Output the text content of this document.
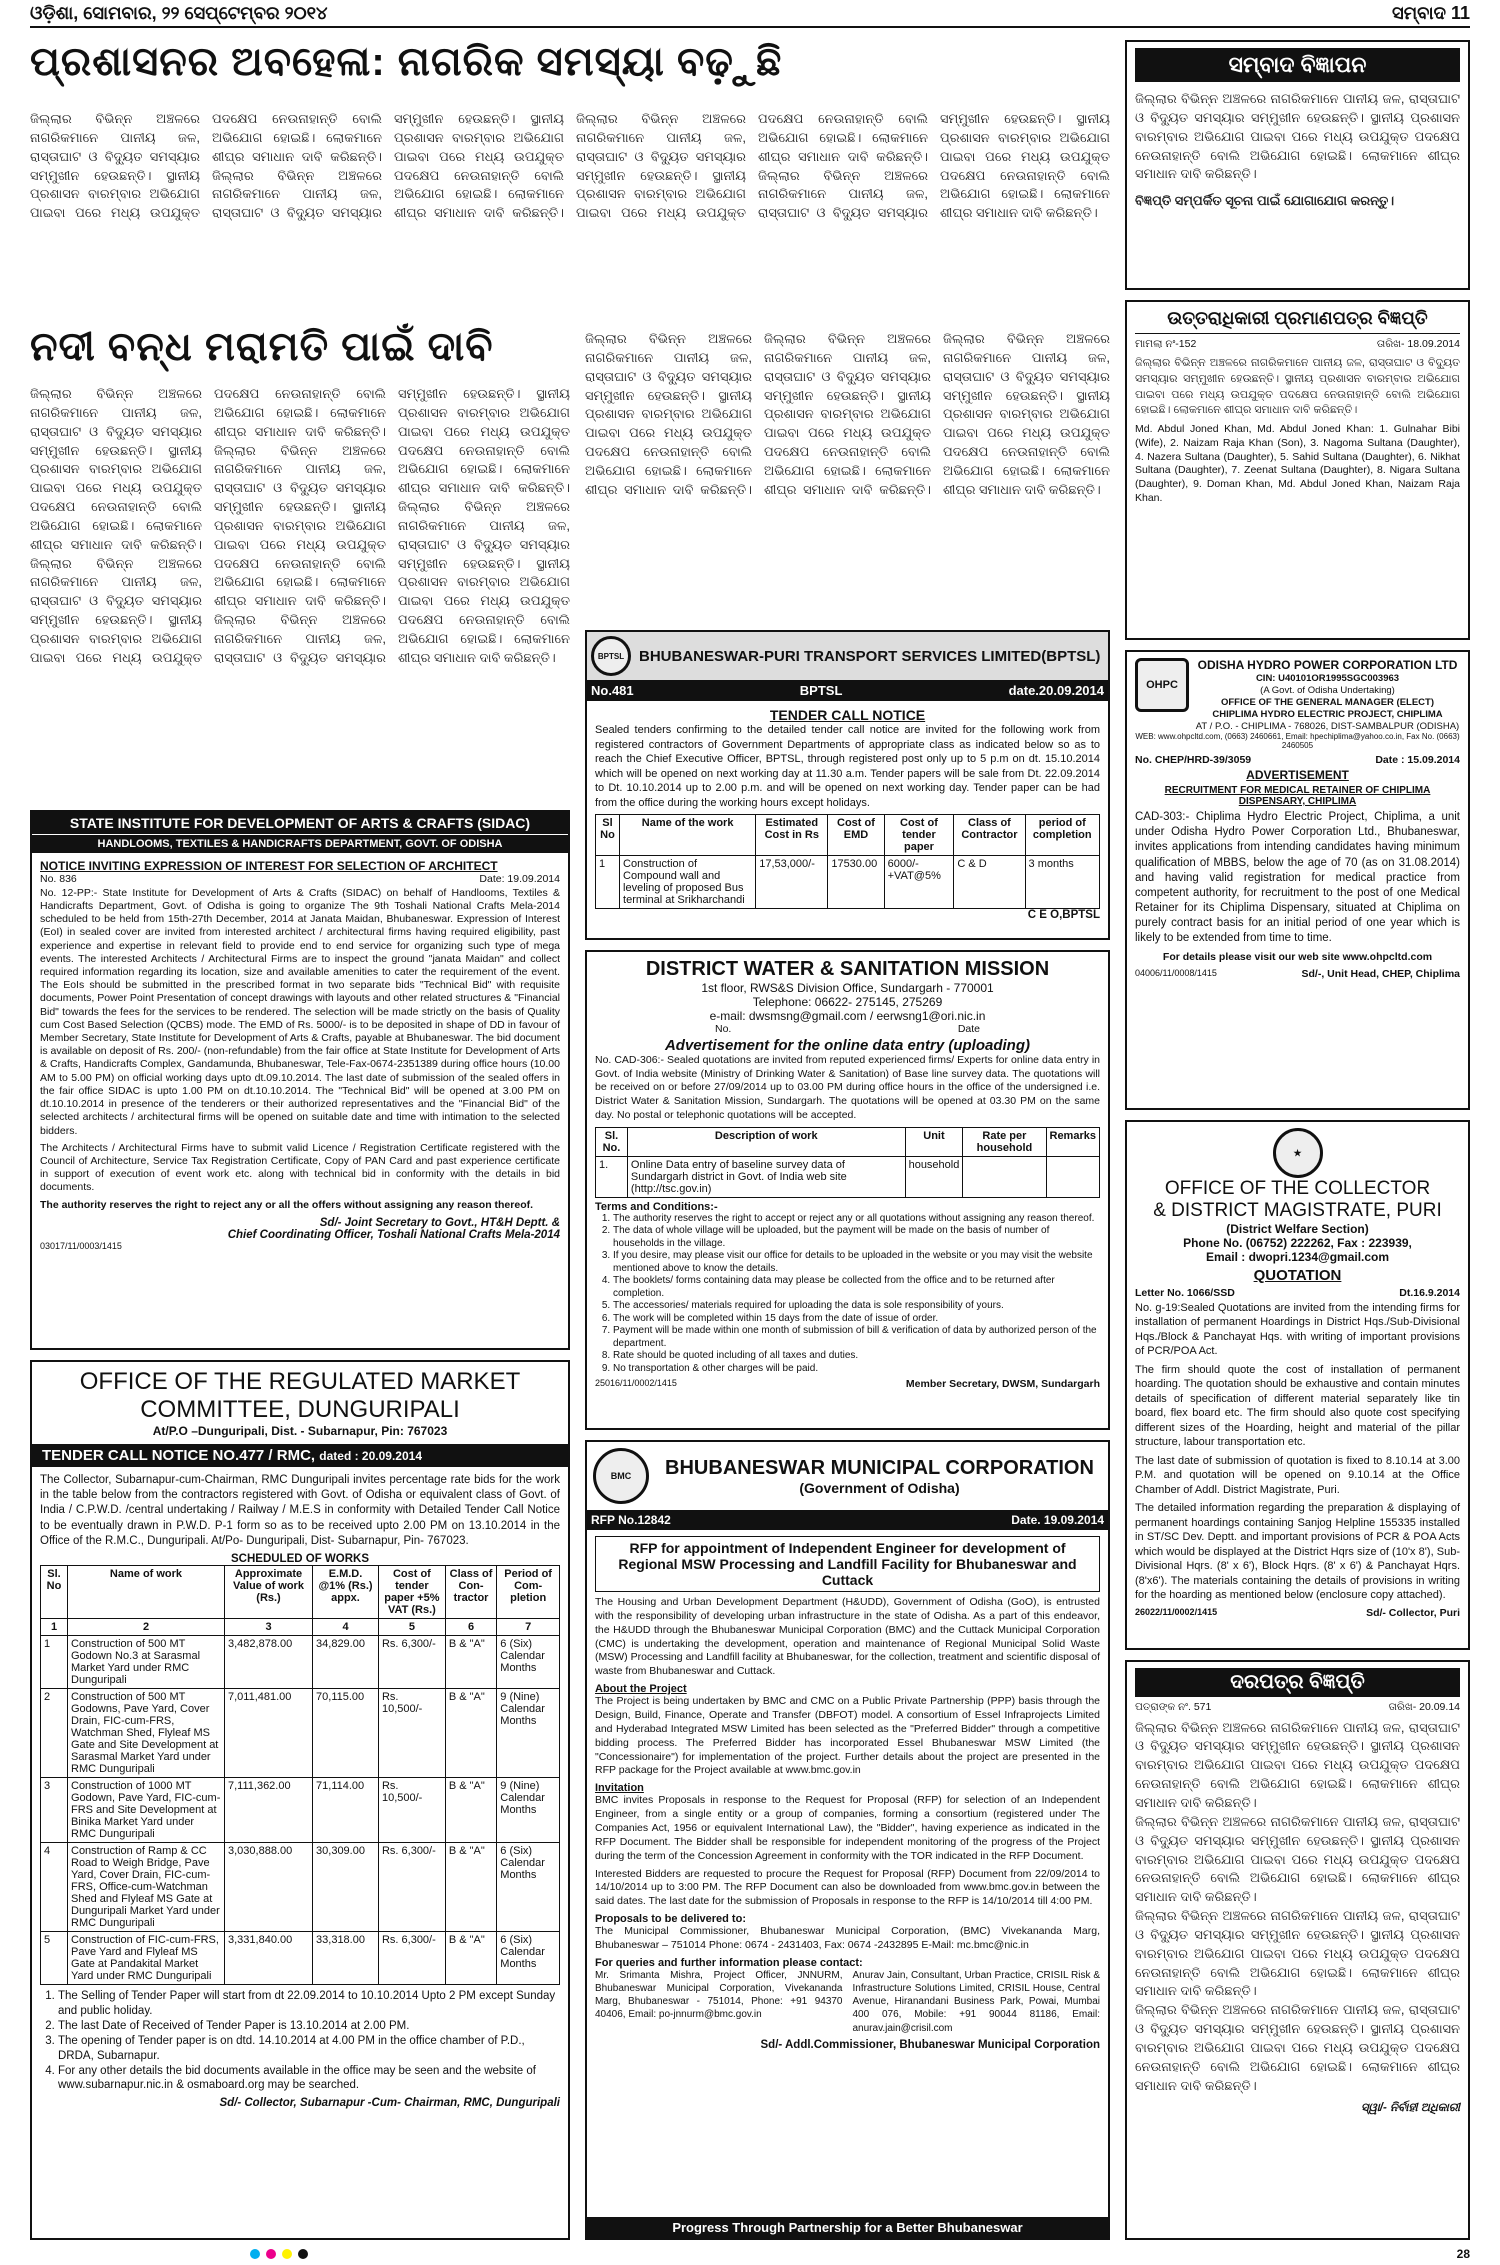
ଓଡ଼ିଶା, ସୋମବାର, ୨୨ ସେପ୍ଟେମ୍ବର ୨୦୧୪	ସମ୍ବାଦ 11
ପ୍ରଶାସନର ଅବହେଳା: ନାଗରିକ ସମସ୍ୟା ବଢ଼ୁଛି
ଜିଲ୍ଲାର ବିଭିନ୍ନ ଅଞ୍ଚଳରେ ନାଗରିକମାନେ ପାନୀୟ ଜଳ, ରାସ୍ତାଘାଟ ଓ ବିଦ୍ୟୁତ ସମସ୍ୟାର ସମ୍ମୁଖୀନ ହେଉଛନ୍ତି। ସ୍ଥାନୀୟ ପ୍ରଶାସନ ବାରମ୍ବାର ଅଭିଯୋଗ ପାଇବା ପରେ ମଧ୍ୟ ଉପଯୁକ୍ତ ପଦକ୍ଷେପ ନେଉନାହାନ୍ତି ବୋଲି ଅଭିଯୋଗ ହୋଇଛି। ଲୋକମାନେ ଶୀଘ୍ର ସମାଧାନ ଦାବି କରିଛନ୍ତି। ଜିଲ୍ଲାର ବିଭିନ୍ନ ଅଞ୍ଚଳରେ ନାଗରିକମାନେ ପାନୀୟ ଜଳ, ରାସ୍ତାଘାଟ ଓ ବିଦ୍ୟୁତ ସମସ୍ୟାର ସମ୍ମୁଖୀନ ହେଉଛନ୍ତି। ସ୍ଥାନୀୟ ପ୍ରଶାସନ ବାରମ୍ବାର ଅଭିଯୋଗ ପାଇବା ପରେ ମଧ୍ୟ ଉପଯୁକ୍ତ ପଦକ୍ଷେପ ନେଉନାହାନ୍ତି ବୋଲି ଅଭିଯୋଗ ହୋଇଛି। ଲୋକମାନେ ଶୀଘ୍ର ସମାଧାନ ଦାବି କରିଛନ୍ତି। ଜିଲ୍ଲାର ବିଭିନ୍ନ ଅଞ୍ଚଳରେ ନାଗରିକମାନେ ପାନୀୟ ଜଳ, ରାସ୍ତାଘାଟ ଓ ବିଦ୍ୟୁତ ସମସ୍ୟାର ସମ୍ମୁଖୀନ ହେଉଛନ୍ତି। ସ୍ଥାନୀୟ ପ୍ରଶାସନ ବାରମ୍ବାର ଅଭିଯୋଗ ପାଇବା ପରେ ମଧ୍ୟ ଉପଯୁକ୍ତ ପଦକ୍ଷେପ ନେଉନାହାନ୍ତି ବୋଲି ଅଭିଯୋଗ ହୋଇଛି। ଲୋକମାନେ ଶୀଘ୍ର ସମାଧାନ ଦାବି କରିଛନ୍ତି। ଜିଲ୍ଲାର ବିଭିନ୍ନ ଅଞ୍ଚଳରେ ନାଗରିକମାନେ ପାନୀୟ ଜଳ, ରାସ୍ତାଘାଟ ଓ ବିଦ୍ୟୁତ ସମସ୍ୟାର ସମ୍ମୁଖୀନ ହେଉଛନ୍ତି। ସ୍ଥାନୀୟ ପ୍ରଶାସନ ବାରମ୍ବାର ଅଭିଯୋଗ ପାଇବା ପରେ ମଧ୍ୟ ଉପଯୁକ୍ତ ପଦକ୍ଷେପ ନେଉନାହାନ୍ତି ବୋଲି ଅଭିଯୋଗ ହୋଇଛି। ଲୋକମାନେ ଶୀଘ୍ର ସମାଧାନ ଦାବି କରିଛନ୍ତି।
ନଦୀ ବନ୍ଧ ମରାମତି ପାଇଁ ଦାବି
ଜିଲ୍ଲାର ବିଭିନ୍ନ ଅଞ୍ଚଳରେ ନାଗରିକମାନେ ପାନୀୟ ଜଳ, ରାସ୍ତାଘାଟ ଓ ବିଦ୍ୟୁତ ସମସ୍ୟାର ସମ୍ମୁଖୀନ ହେଉଛନ୍ତି। ସ୍ଥାନୀୟ ପ୍ରଶାସନ ବାରମ୍ବାର ଅଭିଯୋଗ ପାଇବା ପରେ ମଧ୍ୟ ଉପଯୁକ୍ତ ପଦକ୍ଷେପ ନେଉନାହାନ୍ତି ବୋଲି ଅଭିଯୋଗ ହୋଇଛି। ଲୋକମାନେ ଶୀଘ୍ର ସମାଧାନ ଦାବି କରିଛନ୍ତି। ଜିଲ୍ଲାର ବିଭିନ୍ନ ଅଞ୍ଚଳରେ ନାଗରିକମାନେ ପାନୀୟ ଜଳ, ରାସ୍ତାଘାଟ ଓ ବିଦ୍ୟୁତ ସମସ୍ୟାର ସମ୍ମୁଖୀନ ହେଉଛନ୍ତି। ସ୍ଥାନୀୟ ପ୍ରଶାସନ ବାରମ୍ବାର ଅଭିଯୋଗ ପାଇବା ପରେ ମଧ୍ୟ ଉପଯୁକ୍ତ ପଦକ୍ଷେପ ନେଉନାହାନ୍ତି ବୋଲି ଅଭିଯୋଗ ହୋଇଛି। ଲୋକମାନେ ଶୀଘ୍ର ସମାଧାନ ଦାବି କରିଛନ୍ତି। ଜିଲ୍ଲାର ବିଭିନ୍ନ ଅଞ୍ଚଳରେ ନାଗରିକମାନେ ପାନୀୟ ଜଳ, ରାସ୍ତାଘାଟ ଓ ବିଦ୍ୟୁତ ସମସ୍ୟାର ସମ୍ମୁଖୀନ ହେଉଛନ୍ତି। ସ୍ଥାନୀୟ ପ୍ରଶାସନ ବାରମ୍ବାର ଅଭିଯୋଗ ପାଇବା ପରେ ମଧ୍ୟ ଉପଯୁକ୍ତ ପଦକ୍ଷେପ ନେଉନାହାନ୍ତି ବୋଲି ଅଭିଯୋଗ ହୋଇଛି। ଲୋକମାନେ ଶୀଘ୍ର ସମାଧାନ ଦାବି କରିଛନ୍ତି। ଜିଲ୍ଲାର ବିଭିନ୍ନ ଅଞ୍ଚଳରେ ନାଗରିକମାନେ ପାନୀୟ ଜଳ, ରାସ୍ତାଘାଟ ଓ ବିଦ୍ୟୁତ ସମସ୍ୟାର ସମ୍ମୁଖୀନ ହେଉଛନ୍ତି। ସ୍ଥାନୀୟ ପ୍ରଶାସନ ବାରମ୍ବାର ଅଭିଯୋଗ ପାଇବା ପରେ ମଧ୍ୟ ଉପଯୁକ୍ତ ପଦକ୍ଷେପ ନେଉନାହାନ୍ତି ବୋଲି ଅଭିଯୋଗ ହୋଇଛି। ଲୋକମାନେ ଶୀଘ୍ର ସମାଧାନ ଦାବି କରିଛନ୍ତି। ଜିଲ୍ଲାର ବିଭିନ୍ନ ଅଞ୍ଚଳରେ ନାଗରିକମାନେ ପାନୀୟ ଜଳ, ରାସ୍ତାଘାଟ ଓ ବିଦ୍ୟୁତ ସମସ୍ୟାର ସମ୍ମୁଖୀନ ହେଉଛନ୍ତି। ସ୍ଥାନୀୟ ପ୍ରଶାସନ ବାରମ୍ବାର ଅଭିଯୋଗ ପାଇବା ପରେ ମଧ୍ୟ ଉପଯୁକ୍ତ ପଦକ୍ଷେପ ନେଉନାହାନ୍ତି ବୋଲି ଅଭିଯୋଗ ହୋଇଛି। ଲୋକମାନେ ଶୀଘ୍ର ସମାଧାନ ଦାବି କରିଛନ୍ତି।
ଜିଲ୍ଲାର ବିଭିନ୍ନ ଅଞ୍ଚଳରେ ନାଗରିକମାନେ ପାନୀୟ ଜଳ, ରାସ୍ତାଘାଟ ଓ ବିଦ୍ୟୁତ ସମସ୍ୟାର ସମ୍ମୁଖୀନ ହେଉଛନ୍ତି। ସ୍ଥାନୀୟ ପ୍ରଶାସନ ବାରମ୍ବାର ଅଭିଯୋଗ ପାଇବା ପରେ ମଧ୍ୟ ଉପଯୁକ୍ତ ପଦକ୍ଷେପ ନେଉନାହାନ୍ତି ବୋଲି ଅଭିଯୋଗ ହୋଇଛି। ଲୋକମାନେ ଶୀଘ୍ର ସମାଧାନ ଦାବି କରିଛନ୍ତି। ଜିଲ୍ଲାର ବିଭିନ୍ନ ଅଞ୍ଚଳରେ ନାଗରିକମାନେ ପାନୀୟ ଜଳ, ରାସ୍ତାଘାଟ ଓ ବିଦ୍ୟୁତ ସମସ୍ୟାର ସମ୍ମୁଖୀନ ହେଉଛନ୍ତି। ସ୍ଥାନୀୟ ପ୍ରଶାସନ ବାରମ୍ବାର ଅଭିଯୋଗ ପାଇବା ପରେ ମଧ୍ୟ ଉପଯୁକ୍ତ ପଦକ୍ଷେପ ନେଉନାହାନ୍ତି ବୋଲି ଅଭିଯୋଗ ହୋଇଛି। ଲୋକମାନେ ଶୀଘ୍ର ସମାଧାନ ଦାବି କରିଛନ୍ତି। ଜିଲ୍ଲାର ବିଭିନ୍ନ ଅଞ୍ଚଳରେ ନାଗରିକମାନେ ପାନୀୟ ଜଳ, ରାସ୍ତାଘାଟ ଓ ବିଦ୍ୟୁତ ସମସ୍ୟାର ସମ୍ମୁଖୀନ ହେଉଛନ୍ତି। ସ୍ଥାନୀୟ ପ୍ରଶାସନ ବାରମ୍ବାର ଅଭିଯୋଗ ପାଇବା ପରେ ମଧ୍ୟ ଉପଯୁକ୍ତ ପଦକ୍ଷେପ ନେଉନାହାନ୍ତି ବୋଲି ଅଭିଯୋଗ ହୋଇଛି। ଲୋକମାନେ ଶୀଘ୍ର ସମାଧାନ ଦାବି କରିଛନ୍ତି।
ସମ୍ବାଦ ବିଜ୍ଞାପନ
ଜିଲ୍ଲାର ବିଭିନ୍ନ ଅଞ୍ଚଳରେ ନାଗରିକମାନେ ପାନୀୟ ଜଳ, ରାସ୍ତାଘାଟ ଓ ବିଦ୍ୟୁତ ସମସ୍ୟାର ସମ୍ମୁଖୀନ ହେଉଛନ୍ତି। ସ୍ଥାନୀୟ ପ୍ରଶାସନ ବାରମ୍ବାର ଅଭିଯୋଗ ପାଇବା ପରେ ମଧ୍ୟ ଉପଯୁକ୍ତ ପଦକ୍ଷେପ ନେଉନାହାନ୍ତି ବୋଲି ଅଭିଯୋଗ ହୋଇଛି। ଲୋକମାନେ ଶୀଘ୍ର ସମାଧାନ ଦାବି କରିଛନ୍ତି।
ବିଜ୍ଞପ୍ତି ସମ୍ପର୍କିତ ସୂଚନା ପାଇଁ ଯୋଗାଯୋଗ କରନ୍ତୁ।
ଉତ୍ତରାଧିକାରୀ ପ୍ରମାଣପତ୍ର ବିଜ୍ଞପ୍ତି
ମାମଲା ନଂ-152	ତାରିଖ- 18.09.2014
ଜିଲ୍ଲାର ବିଭିନ୍ନ ଅଞ୍ଚଳରେ ନାଗରିକମାନେ ପାନୀୟ ଜଳ, ରାସ୍ତାଘାଟ ଓ ବିଦ୍ୟୁତ ସମସ୍ୟାର ସମ୍ମୁଖୀନ ହେଉଛନ୍ତି। ସ୍ଥାନୀୟ ପ୍ରଶାସନ ବାରମ୍ବାର ଅଭିଯୋଗ ପାଇବା ପରେ ମଧ୍ୟ ଉପଯୁକ୍ତ ପଦକ୍ଷେପ ନେଉନାହାନ୍ତି ବୋଲି ଅଭିଯୋଗ ହୋଇଛି। ଲୋକମାନେ ଶୀଘ୍ର ସମାଧାନ ଦାବି କରିଛନ୍ତି।
Md. Abdul Joned Khan, Md. Abdul Joned Khan: 1. Gulnahar Bibi (Wife), 2. Naizam Raja Khan (Son), 3. Nagoma Sultana (Daughter), 4. Nazera Sultana (Daughter), 5. Sahid Sultana (Daughter), 6. Nikhat Sultana (Daughter), 7. Zeenat Sultana (Daughter), 8. Nigara Sultana (Daughter), 9. Doman Khan, Md. Abdul Joned Khan, Naizam Raja Khan.
OHPC
ODISHA HYDRO POWER CORPORATION LTD
CIN: U40101OR1995SGC003963
(A Govt. of Odisha Undertaking)
OFFICE OF THE GENERAL MANAGER (ELECT)
CHIPLIMA HYDRO ELECTRIC PROJECT, CHIPLIMA
AT / P.O. - CHIPLIMA - 768026, DIST-SAMBALPUR (ODISHA)
WEB: www.ohpcltd.com, (0663) 2460661, Email: hpechiplima@yahoo.co.in, Fax No. (0663) 2460505
No. CHEP/HRD-39/3059	Date : 15.09.2014
ADVERTISEMENT
RECRUITMENT FOR MEDICAL RETAINER OF CHIPLIMA DISPENSARY, CHIPLIMA

CAD-303:- Chiplima Hydro Electric Project, Chiplima, a unit under Odisha Hydro Power Corporation Ltd., Bhubaneswar, invites applications from intending candidates having minimum qualification of MBBS, below the age of 70 (as on 31.08.2014) and having valid registration for medical practice from competent authority, for recruitment to the post of one Medical Retainer for its Chiplima Dispensary, situated at Chiplima on purely contract basis for an initial period of one year which is likely to be extended from time to time.

For details please visit our web site www.ohpcltd.com
04006/11/0008/1415	Sd/-, Unit Head, CHEP, Chiplima
BPTSL BHUBANESWAR-PURI TRANSPORT SERVICES LIMITED(BPTSL)
No.481	BPTSL	date.20.09.2014
TENDER CALL NOTICE

Sealed tenders confirming to the detailed tender call notice are invited for the following work from registered contractors of Government Departments of appropriate class as indicated below so as to reach the Chief Executive Officer, BPTSL, through registered post only up to 5 p.m on dt. 15.10.2014 which will be opened on next working day at 11.30 a.m. Tender papers will be sale from Dt. 22.09.2014 to Dt. 10.10.2014 up to 2.00 p.m. and will be opened on next working day. Tender paper can be had from the office during the working hours except holidays.

Sl No	Name of the work	Estimated Cost in Rs	Cost of EMD	Cost of tender paper	Class of Contractor	period of completion
1	Construction of Compound wall and leveling of proposed Bus terminal at Srikharchandi	17,53,000/-	17530.00	6000/- +VAT@5%	C & D	3 months
C E O,BPTSL
STATE INSTITUTE FOR DEVELOPMENT OF ARTS & CRAFTS (SIDAC)
HANDLOOMS, TEXTILES & HANDICRAFTS DEPARTMENT, GOVT. OF ODISHA
NOTICE INVITING EXPRESSION OF INTEREST FOR SELECTION OF ARCHITECT
No. 836	Date: 19.09.2014

No. 12-PP:- State Institute for Development of Arts & Crafts (SIDAC) on behalf of Handlooms, Textiles & Handicrafts Department, Govt. of Odisha is going to organize The 9th Toshali National Crafts Mela-2014 scheduled to be held from 15th-27th December, 2014 at Janata Maidan, Bhubaneswar. Expression of Interest (EoI) in sealed cover are invited from interested architect / architectural firms having required eligibility, past experience and expertise in relevant field to provide end to end service for organizing such type of mega events. The interested Architects / Architectural Firms are to inspect the ground "janata Maidan" and collect required information regarding its location, size and available amenities to cater the requirement of the event. The EoIs should be submitted in the prescribed format in two separate bids "Technical Bid" with requisite documents, Power Point Presentation of concept drawings with layouts and other related structures & "Financial Bid" towards the fees for the services to be rendered. The selection will be made strictly on the basis of Quality cum Cost Based Selection (QCBS) mode. The EMD of Rs. 5000/- is to be deposited in shape of DD in favour of Member Secretary, State Institute for Development of Arts & Crafts, payable at Bhubaneswar. The bid document is available on deposit of Rs. 200/- (non-refundable) from the fair office at State Institute for Development of Arts & Crafts, Handicrafts Complex, Gandamunda, Bhubaneswar, Tele-Fax-0674-2351389 during office hours (10.00 AM to 5.00 PM) on official working days upto dt.09.10.2014. The last date of submission of the sealed offers in the fair office SIDAC is upto 1.00 PM on dt.10.10.2014. The "Technical Bid" will be opened at 3.00 PM on dt.10.10.2014 in presence of the tenderers or their authorized representatives and the "Financial Bid" of the selected architects / architectural firms will be opened on suitable date and time with intimation to the selected bidders.

The Architects / Architectural Firms have to submit valid Licence / Registration Certificate registered with the Council of Architecture, Service Tax Registration Certificate, Copy of PAN Card and past experience certificate in support of execution of event work etc. along with technical bid in conformity with the details in bid documents.

The authority reserves the right to reject any or all the offers without assigning any reason thereof.

Sd/- Joint Secretary to Govt., HT&H Deptt. &
Chief Coordinating Officer, Toshali National Crafts Mela-2014
03017/11/0003/1415
DISTRICT WATER & SANITATION MISSION
1st floor, RWS&S Division Office, Sundargarh - 770001
Telephone: 06622- 275145, 275269
e-mail: dwsmsng@gmail.com / eerwsng1@ori.nic.in
No.	Date
Advertisement for the online data entry (uploading)

No. CAD-306:- Sealed quotations are invited from reputed experienced firms/ Experts for online data entry in Govt. of India website (Ministry of Drinking Water & Sanitation) of Base line survey data. The quotations will be received on or before 27/09/2014 up to 03.00 PM during office hours in the office of the undersigned i.e. District Water & Sanitation Mission, Sundargarh. The quotations will be opened at 03.30 PM on the same day. No postal or telephonic quotations will be accepted.

Sl. No.	Description of work	Unit	Rate per household	Remarks
1.	Online Data entry of baseline survey data of Sundargarh district in Govt. of India web site (http://tsc.gov.in)	household		
Terms and Conditions:-
1. The authority reserves the right to accept or reject any or all quotations without assigning any reason thereof.
2. The data of whole village will be uploaded, but the payment will be made on the basis of number of households in the village.
3. If you desire, may please visit our office for details to be uploaded in the website or you may visit the website mentioned above to know the details.
4. The booklets/ forms containing data may please be collected from the office and to be returned after completion.
5. The accessories/ materials required for uploading the data is sole responsibility of yours.
6. The work will be completed within 15 days from the date of issue of order.
7. Payment will be made within one month of submission of bill & verification of data by authorized person of the department.
8. Rate should be quoted including of all taxes and duties.
9. No transportation & other charges will be paid.
25016/11/0002/1415	Member Secretary, DWSM, Sundargarh
★
OFFICE OF THE COLLECTOR
& DISTRICT MAGISTRATE, PURI
(District Welfare Section)
Phone No. (06752) 222262, Fax : 223939,
Email : dwopri.1234@gmail.com
QUOTATION
Letter No. 1066/SSD	Dt.16.9.2014

No. g-19:Sealed Quotations are invited from the intending firms for installation of permanent Hoardings in District Hqs./Sub-Divisional Hqs./Block & Panchayat Hqs. with writing of important provisions of PCR/POA Act.

The firm should quote the cost of installation of permanent hoarding. The quotation should be exhaustive and contain minutes details of specification of different material separately like tin board, flex board etc. The firm should also quote cost specifying different sizes of the Hoarding, height and material of the pillar structure, labour transportation etc.

The last date of submission of quotation is fixed to 8.10.14 at 3.00 P.M. and quotation will be opened on 9.10.14 at the Office Chamber of Addl. District Magistrate, Puri.

The detailed information regarding the preparation & displaying of permanent hoardings containing Sanjog Helpline 155335 installed in ST/SC Dev. Deptt. and important provisions of PCR & POA Acts which would be displayed at the District Hqrs size of (10'x 8'), Sub-Divisional Hqrs. (8' x 6'), Block Hqrs. (8' x 6') & Panchayat Hqrs. (8'x6'). The materials containing the details of provisions in writing for the hoarding as mentioned below (enclosure copy attached).

26022/11/0002/1415	Sd/- Collector, Puri
OFFICE OF THE REGULATED MARKET
COMMITTEE, DUNGURIPALI
At/P.O –Dunguripali, Dist. - Subarnapur, Pin: 767023
TENDER CALL NOTICE NO.477 / RMC, dated : 20.09.2014

The Collector, Subarnapur-cum-Chairman, RMC Dunguripali invites percentage rate bids for the work in the table below from the contractors registered with Govt. of Odisha or equivalent class of Govt. of India / C.P.W.D. /central undertaking / Railway / M.E.S in conformity with Detailed Tender Call Notice to be eventually drawn in P.W.D. P-1 form so as to be received upto 2.00 PM on 13.10.2014 in the Office of the R.M.C., Dunguripali. At/Po- Dunguripali, Dist- Subarnapur, Pin- 767023.

SCHEDULED OF WORKS
Sl. No	Name of work	Approximate Value of work (Rs.)	E.M.D. @1% (Rs.) appx.	Cost of tender paper +5% VAT (Rs.)	Class of Con-tractor	Period of Com-pletion
1	2	3	4	5	6	7
1	Construction of 500 MT Godown No.3 at Sarasmal Market Yard under RMC Dunguripali	3,482,878.00	34,829.00	Rs. 6,300/-	B & "A"	6 (Six) Calendar Months
2	Construction of 500 MT Godowns, Pave Yard, Cover Drain, FIC-cum-FRS, Watchman Shed, Flyleaf MS Gate and Site Development at Sarasmal Market Yard under RMC Dunguripali	7,011,481.00	70,115.00	Rs. 10,500/-	B & "A"	9 (Nine) Calendar Months
3	Construction of 1000 MT Godown, Pave Yard, FIC-cum-FRS and Site Development at Binika Market Yard under RMC Dunguripali	7,111,362.00	71,114.00	Rs. 10,500/-	B & "A"	9 (Nine) Calendar Months
4	Construction of Ramp & CC Road to Weigh Bridge, Pave Yard, Cover Drain, FIC-cum-FRS, Office-cum-Watchman Shed and Flyleaf MS Gate at Dunguripali Market Yard under RMC Dunguripali	3,030,888.00	30,309.00	Rs. 6,300/-	B & "A"	6 (Six) Calendar Months
5	Construction of FIC-cum-FRS, Pave Yard and Flyleaf MS Gate at Pandakital Market Yard under RMC Dunguripali	3,331,840.00	33,318.00	Rs. 6,300/-	B & "A"	6 (Six) Calendar Months
1. The Selling of Tender Paper will start from dt 22.09.2014 to 10.10.2014 Upto 2 PM except Sunday and public holiday.
2. The last Date of Received of Tender Paper is 13.10.2014 at 2.00 PM.
3. The opening of Tender paper is on dtd. 14.10.2014 at 4.00 PM in the office chamber of P.D., DRDA, Subarnapur.
4. For any other details the bid documents available in the office may be seen and the website of www.subarnapur.nic.in & osmaboard.org may be searched.
Sd/- Collector, Subarnapur -Cum- Chairman, RMC, Dunguripali
BMC	BHUBANESWAR MUNICIPAL CORPORATION
(Government of Odisha)
RFP No.12842	Date. 19.09.2014
RFP for appointment of Independent Engineer for development of Regional MSW Processing and Landfill Facility for Bhubaneswar and Cuttack

The Housing and Urban Development Department (H&UDD), Government of Odisha (GoO), is entrusted with the responsibility of developing urban infrastructure in the state of Odisha. As a part of this endeavor, the H&UDD through the Bhubaneswar Municipal Corporation (BMC) and the Cuttack Municipal Corporation (CMC) is undertaking the development, operation and maintenance of Regional Municipal Solid Waste (MSW) Processing and Landfill facility at Bhubaneswar, for the collection, treatment and scientific disposal of waste from Bhubaneswar and Cuttack.

About the Project

The Project is being undertaken by BMC and CMC on a Public Private Partnership (PPP) basis through the Design, Build, Finance, Operate and Transfer (DBFOT) model. A consortium of Essel Infraprojects Limited and Hyderabad Integrated MSW Limited has been selected as the "Preferred Bidder" through a competitive bidding process. The Preferred Bidder has incorporated Essel Bhubaneswar MSW Limited (the "Concessionaire") for implementation of the project. Further details about the project are presented in the RFP package for the Project available at www.bmc.gov.in

Invitation

BMC invites Proposals in response to the Request for Proposal (RFP) for selection of an Independent Engineer, from a single entity or a group of companies, forming a consortium (registered under The Companies Act, 1956 or equivalent International Law), the "Bidder", having experience as indicated in the RFP Document. The Bidder shall be responsible for independent monitoring of the progress of the Project during the term of the Concession Agreement in conformity with the TOR indicated in the RFP Document.

Interested Bidders are requested to procure the Request for Proposal (RFP) Document from 22/09/2014 to 14/10/2014 up to 3:00 PM. The RFP Document can also be downloaded from www.bmc.gov.in between the said dates. The last date for the submission of Proposals in response to the RFP is 14/10/2014 till 4:00 PM.

Proposals to be delivered to:

The Municipal Commissioner, Bhubaneswar Municipal Corporation, (BMC) Vivekananda Marg, Bhubaneswar – 751014 Phone: 0674 - 2431403, Fax: 0674 -2432895 E-Mail: mc.bmc@nic.in

For queries and further information please contact:

Mr. Srimanta Mishra, Project Officer, JNNURM, Bhubaneswar Municipal Corporation, Vivekananda Marg, Bhubaneswar - 751014, Phone: +91 94370 40406, Email: po-jnnurm@bmc.gov.in

Anurav Jain, Consultant, Urban Practice, CRISIL Risk & Infrastructure Solutions Limited, CRISIL House, Central Avenue, Hiranandani Business Park, Powai, Mumbai 400 076, Mobile: +91 90044 81186, Email: anurav.jain@crisil.com

Sd/- Addl.Commissioner, Bhubaneswar Municipal Corporation
Progress Through Partnership for a Better Bhubaneswar
ଦରପତ୍ର ବିଜ୍ଞପ୍ତି
ପତ୍ରାଙ୍କ ନଂ. 571	ତାରିଖ- 20.09.14
ଜିଲ୍ଲାର ବିଭିନ୍ନ ଅଞ୍ଚଳରେ ନାଗରିକମାନେ ପାନୀୟ ଜଳ, ରାସ୍ତାଘାଟ ଓ ବିଦ୍ୟୁତ ସମସ୍ୟାର ସମ୍ମୁଖୀନ ହେଉଛନ୍ତି। ସ୍ଥାନୀୟ ପ୍ରଶାସନ ବାରମ୍ବାର ଅଭିଯୋଗ ପାଇବା ପରେ ମଧ୍ୟ ଉପଯୁକ୍ତ ପଦକ୍ଷେପ ନେଉନାହାନ୍ତି ବୋଲି ଅଭିଯୋଗ ହୋଇଛି। ଲୋକମାନେ ଶୀଘ୍ର ସମାଧାନ ଦାବି କରିଛନ୍ତି।
ଜିଲ୍ଲାର ବିଭିନ୍ନ ଅଞ୍ଚଳରେ ନାଗରିକମାନେ ପାନୀୟ ଜଳ, ରାସ୍ତାଘାଟ ଓ ବିଦ୍ୟୁତ ସମସ୍ୟାର ସମ୍ମୁଖୀନ ହେଉଛନ୍ତି। ସ୍ଥାନୀୟ ପ୍ରଶାସନ ବାରମ୍ବାର ଅଭିଯୋଗ ପାଇବା ପରେ ମଧ୍ୟ ଉପଯୁକ୍ତ ପଦକ୍ଷେପ ନେଉନାହାନ୍ତି ବୋଲି ଅଭିଯୋଗ ହୋଇଛି। ଲୋକମାନେ ଶୀଘ୍ର ସମାଧାନ ଦାବି କରିଛନ୍ତି।
ଜିଲ୍ଲାର ବିଭିନ୍ନ ଅଞ୍ଚଳରେ ନାଗରିକମାନେ ପାନୀୟ ଜଳ, ରାସ୍ତାଘାଟ ଓ ବିଦ୍ୟୁତ ସମସ୍ୟାର ସମ୍ମୁଖୀନ ହେଉଛନ୍ତି। ସ୍ଥାନୀୟ ପ୍ରଶାସନ ବାରମ୍ବାର ଅଭିଯୋଗ ପାଇବା ପରେ ମଧ୍ୟ ଉପଯୁକ୍ତ ପଦକ୍ଷେପ ନେଉନାହାନ୍ତି ବୋଲି ଅଭିଯୋଗ ହୋଇଛି। ଲୋକମାନେ ଶୀଘ୍ର ସମାଧାନ ଦାବି କରିଛନ୍ତି।
ଜିଲ୍ଲାର ବିଭିନ୍ନ ଅଞ୍ଚଳରେ ନାଗରିକମାନେ ପାନୀୟ ଜଳ, ରାସ୍ତାଘାଟ ଓ ବିଦ୍ୟୁତ ସମସ୍ୟାର ସମ୍ମୁଖୀନ ହେଉଛନ୍ତି। ସ୍ଥାନୀୟ ପ୍ରଶାସନ ବାରମ୍ବାର ଅଭିଯୋଗ ପାଇବା ପରେ ମଧ୍ୟ ଉପଯୁକ୍ତ ପଦକ୍ଷେପ ନେଉନାହାନ୍ତି ବୋଲି ଅଭିଯୋଗ ହୋଇଛି। ଲୋକମାନେ ଶୀଘ୍ର ସମାଧାନ ଦାବି କରିଛନ୍ତି।
ସ୍ୱା/- ନିର୍ବାହୀ ଅଧିକାରୀ
28
